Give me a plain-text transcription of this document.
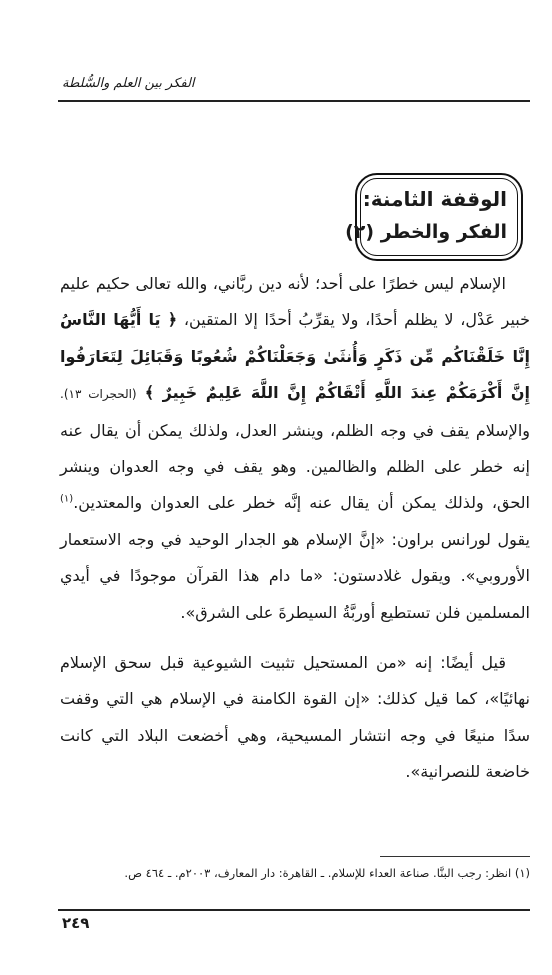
الفكر بين العلم والسُّلطة
الوقفة الثامنة:
الفكر والخطر (٢)

الإسلام ليس خطرًا على أحد؛ لأنه دين ربَّاني، والله تعالى حكيم عليم خبير عَدْل، لا يظلم أحدًا، ولا يقرِّبُ أحدًا إلا المتقين، ﴿ يَا أَيُّهَا النَّاسُ إِنَّا خَلَقْنَاكُم مِّن ذَكَرٍ وَأُنثَىٰ وَجَعَلْنَاكُمْ شُعُوبًا وَقَبَائِلَ لِتَعَارَفُوا إِنَّ أَكْرَمَكُمْ عِندَ اللَّهِ أَتْقَاكُمْ إِنَّ اللَّهَ عَلِيمٌ خَبِيرٌ ﴾ (الحجرات ١٣). والإسلام يقف في وجه الظلم، وينشر العدل، ولذلك يمكن أن يقال عنه إنه خطر على الظلم والظالمين. وهو يقف في وجه العدوان وينشر الحق، ولذلك يمكن أن يقال عنه إنَّه خطر على العدوان والمعتدين.$^{(١)}$ يقول لورانس براون: «إنَّ الإسلام هو الجدار الوحيد في وجه الاستعمار الأوروبي». ويقول غلادستون: «ما دام هذا القرآن موجودًا في أيدي المسلمين فلن تستطيع أوربَّةُ السيطرةَ على الشرق».

قيل أيضًا: إنه «من المستحيل تثبيت الشيوعية قبل سحق الإسلام نهائيًا»، كما قيل كذلك: «إن القوة الكامنة في الإسلام هي التي وقفت سدًا منيعًا في وجه انتشار المسيحية، وهي أخضعت البلاد التي كانت خاضعة للنصرانية».

(١) انظر: رجب البنَّا. صناعة العداء للإسلام. ـ القاهرة: دار المعارف، ٢٠٠٣م. ـ ٤٦٤ ص.
٢٤٩
